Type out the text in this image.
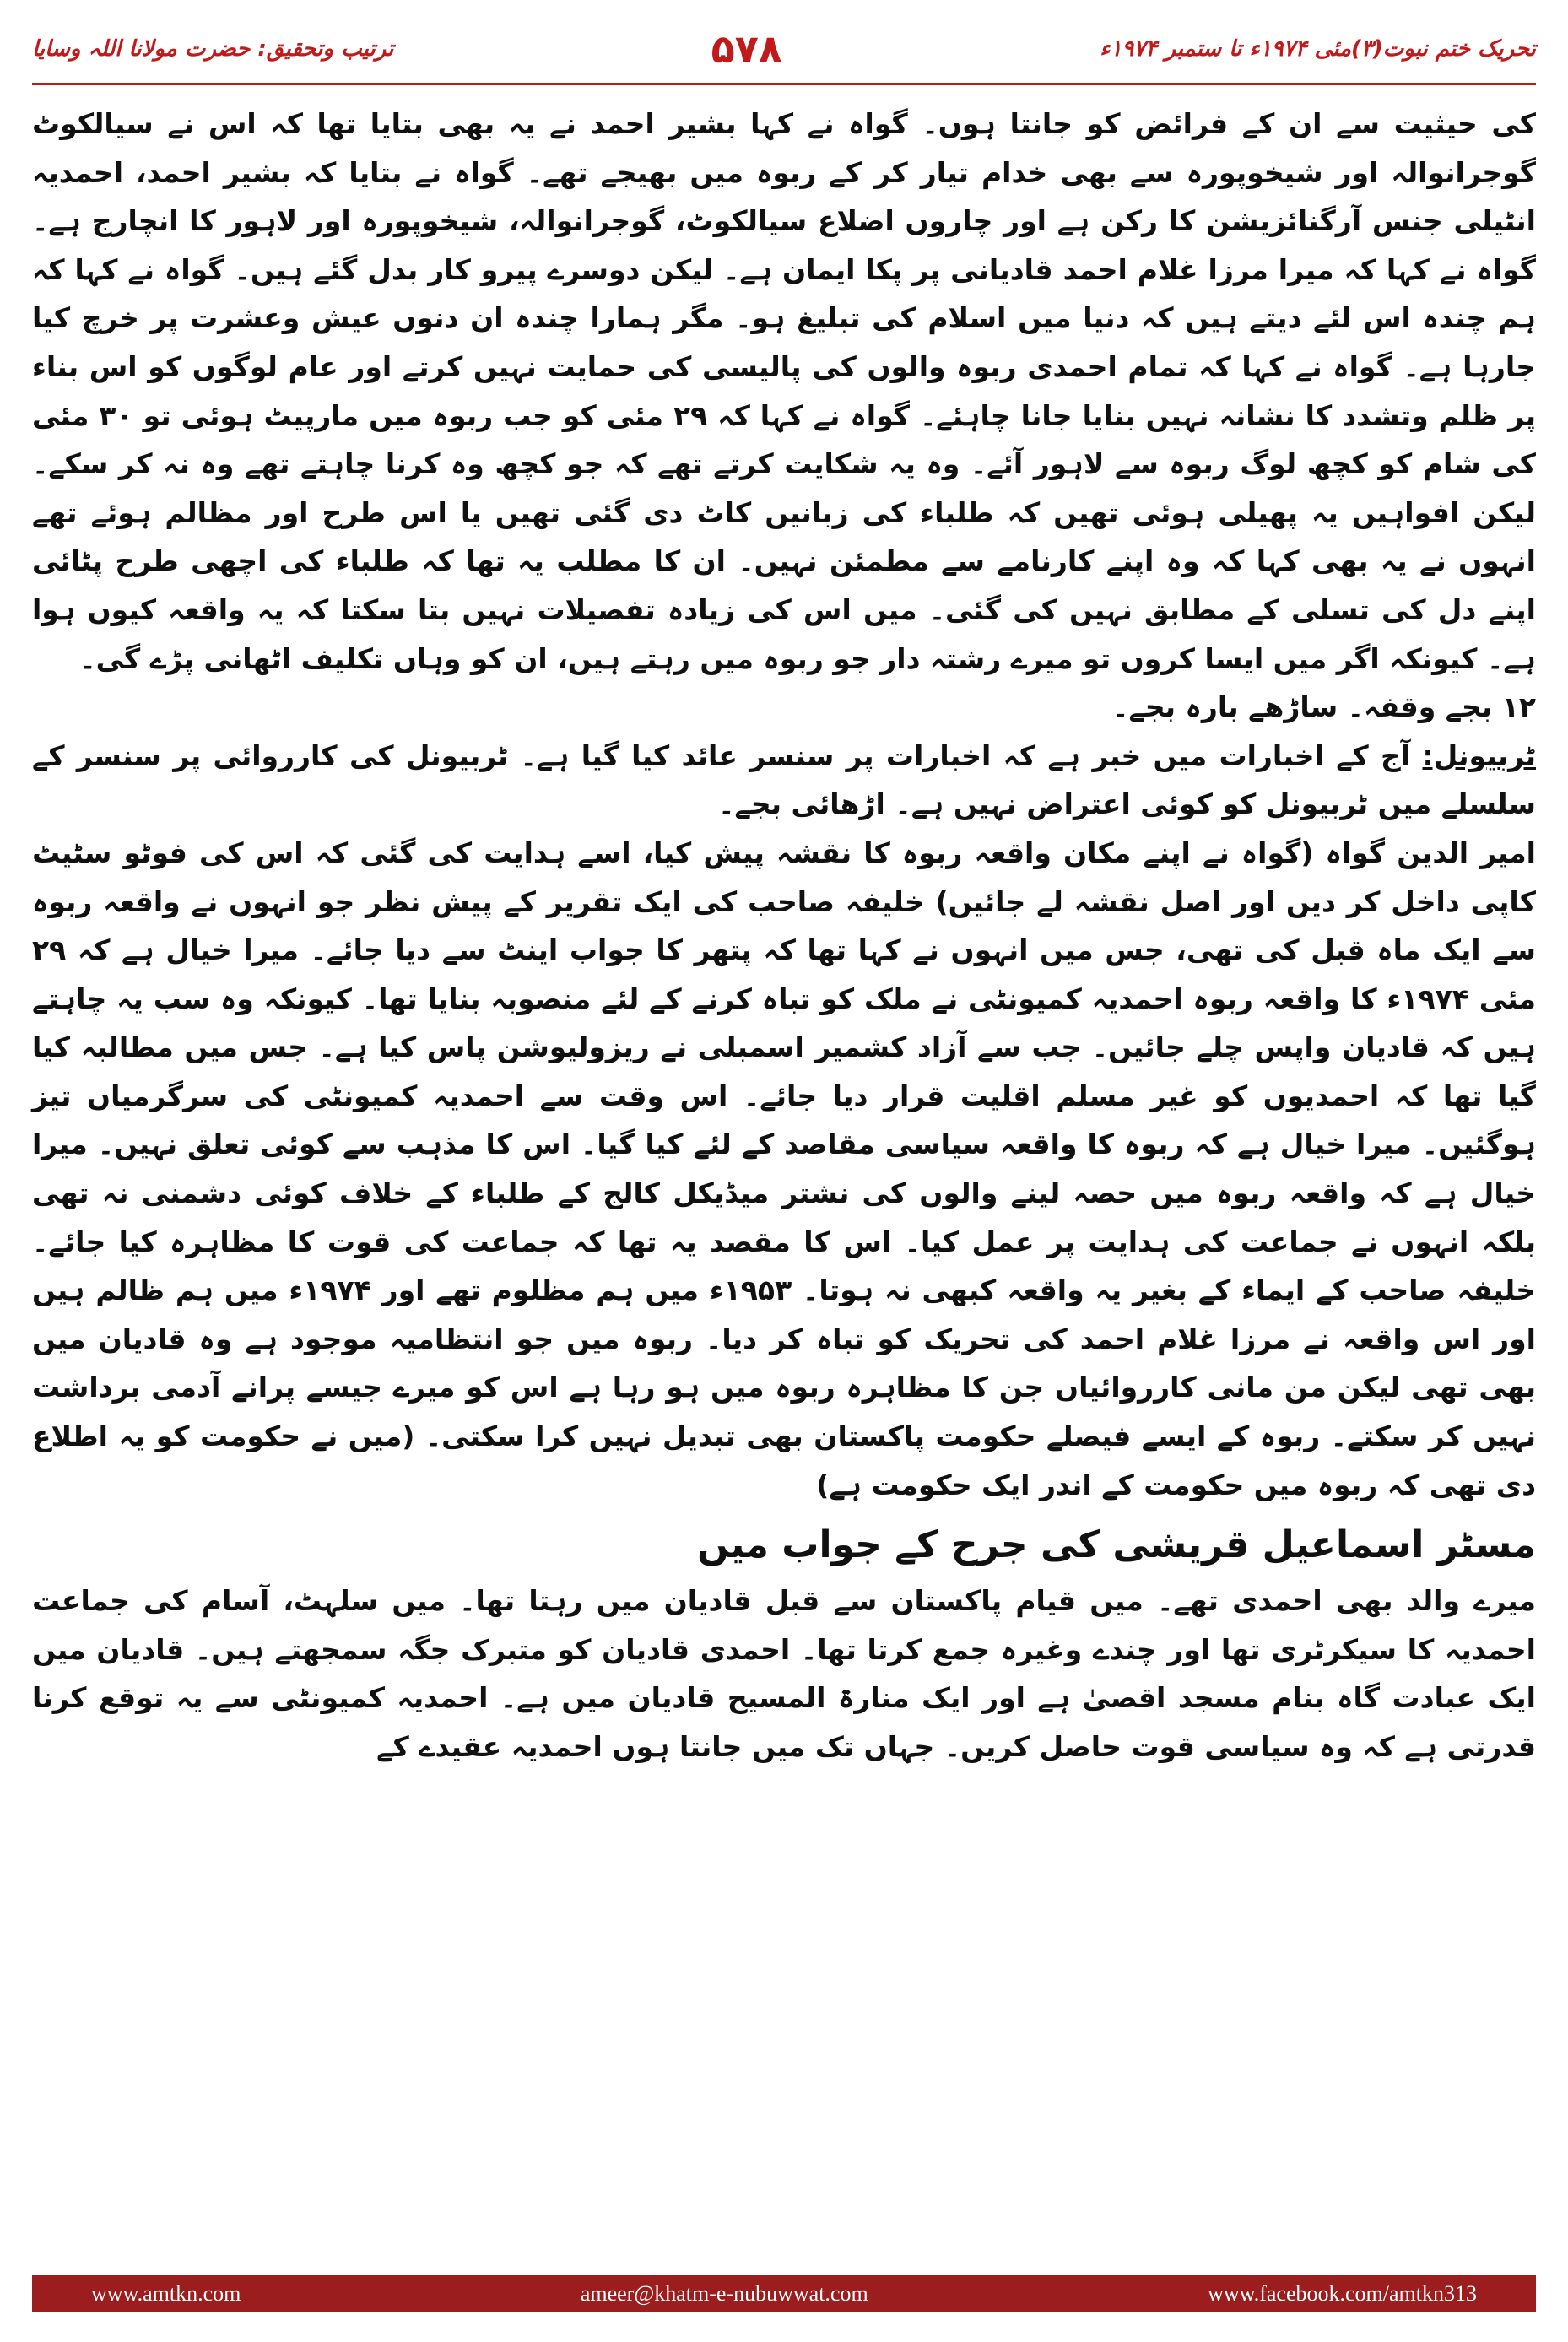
ترتیب وتحقیق: حضرت مولانا اللہ وسایا	۵۷۸	تحریک ختم نبوت(۳)مئی ۱۹۷۴ء تا ستمبر ۱۹۷۴ء

کی حیثیت سے ان کے فرائض کو جانتا ہوں۔ گواہ نے کہا بشیر احمد نے یہ بھی بتایا تھا کہ اس نے سیالکوٹ گوجرانوالہ اور شیخوپورہ سے بھی خدام تیار کر کے ربوہ میں بھیجے تھے۔ گواہ نے بتایا کہ بشیر احمد، احمدیہ انٹیلی جنس آرگنائزیشن کا رکن ہے اور چاروں اضلاع سیالکوٹ، گوجرانوالہ، شیخوپورہ اور لاہور کا انچارج ہے۔ گواہ نے کہا کہ میرا مرزا غلام احمد قادیانی پر پکا ایمان ہے۔ لیکن دوسرے پیرو کار بدل گئے ہیں۔ گواہ نے کہا کہ ہم چندہ اس لئے دیتے ہیں کہ دنیا میں اسلام کی تبلیغ ہو۔ مگر ہمارا چندہ ان دنوں عیش وعشرت پر خرچ کیا جارہا ہے۔ گواہ نے کہا کہ تمام احمدی ربوہ والوں کی پالیسی کی حمایت نہیں کرتے اور عام لوگوں کو اس بناء پر ظلم وتشدد کا نشانہ نہیں بنایا جانا چاہئے۔ گواہ نے کہا کہ ۲۹ مئی کو جب ربوہ میں مارپیٹ ہوئی تو ۳۰ مئی کی شام کو کچھ لوگ ربوہ سے لاہور آئے۔ وہ یہ شکایت کرتے تھے کہ جو کچھ وہ کرنا چاہتے تھے وہ نہ کر سکے۔ لیکن افواہیں یہ پھیلی ہوئی تھیں کہ طلباء کی زبانیں کاٹ دی گئی تھیں یا اس طرح اور مظالم ہوئے تھے انہوں نے یہ بھی کہا کہ وہ اپنے کارنامے سے مطمئن نہیں۔ ان کا مطلب یہ تھا کہ طلباء کی اچھی طرح پٹائی اپنے دل کی تسلی کے مطابق نہیں کی گئی۔ میں اس کی زیادہ تفصیلات نہیں بتا سکتا کہ یہ واقعہ کیوں ہوا ہے۔ کیونکہ اگر میں ایسا کروں تو میرے رشتہ دار جو ربوہ میں رہتے ہیں، ان کو وہاں تکلیف اٹھانی پڑے گی۔

۱۲ بجے وقفہ۔ ساڑھے بارہ بجے۔

ٹربیونل: آج کے اخبارات میں خبر ہے کہ اخبارات پر سنسر عائد کیا گیا ہے۔ ٹربیونل کی کارروائی پر سنسر کے سلسلے میں ٹربیونل کو کوئی اعتراض نہیں ہے۔ اڑھائی بجے۔

امیر الدین گواہ (گواہ نے اپنے مکان واقعہ ربوہ کا نقشہ پیش کیا، اسے ہدایت کی گئی کہ اس کی فوٹو سٹیٹ کاپی داخل کر دیں اور اصل نقشہ لے جائیں) خلیفہ صاحب کی ایک تقریر کے پیش نظر جو انہوں نے واقعہ ربوہ سے ایک ماہ قبل کی تھی، جس میں انہوں نے کہا تھا کہ پتھر کا جواب اینٹ سے دیا جائے۔ میرا خیال ہے کہ ۲۹ مئی ۱۹۷۴ء کا واقعہ ربوہ احمدیہ کمیونٹی نے ملک کو تباہ کرنے کے لئے منصوبہ بنایا تھا۔ کیونکہ وہ سب یہ چاہتے ہیں کہ قادیان واپس چلے جائیں۔ جب سے آزاد کشمیر اسمبلی نے ریزولیوشن پاس کیا ہے۔ جس میں مطالبہ کیا گیا تھا کہ احمدیوں کو غیر مسلم اقلیت قرار دیا جائے۔ اس وقت سے احمدیہ کمیونٹی کی سرگرمیاں تیز ہوگئیں۔ میرا خیال ہے کہ ربوہ کا واقعہ سیاسی مقاصد کے لئے کیا گیا۔ اس کا مذہب سے کوئی تعلق نہیں۔ میرا خیال ہے کہ واقعہ ربوہ میں حصہ لینے والوں کی نشتر میڈیکل کالج کے طلباء کے خلاف کوئی دشمنی نہ تھی بلکہ انہوں نے جماعت کی ہدایت پر عمل کیا۔ اس کا مقصد یہ تھا کہ جماعت کی قوت کا مظاہرہ کیا جائے۔ خلیفہ صاحب کے ایماء کے بغیر یہ واقعہ کبھی نہ ہوتا۔ ۱۹۵۳ء میں ہم مظلوم تھے اور ۱۹۷۴ء میں ہم ظالم ہیں اور اس واقعہ نے مرزا غلام احمد کی تحریک کو تباہ کر دیا۔ ربوہ میں جو انتظامیہ موجود ہے وہ قادیان میں بھی تھی لیکن من مانی کارروائیاں جن کا مظاہرہ ربوہ میں ہو رہا ہے اس کو میرے جیسے پرانے آدمی برداشت نہیں کر سکتے۔ ربوہ کے ایسے فیصلے حکومت پاکستان بھی تبدیل نہیں کرا سکتی۔ (میں نے حکومت کو یہ اطلاع دی تھی کہ ربوہ میں حکومت کے اندر ایک حکومت ہے)

مسٹر اسماعیل قریشی کی جرح کے جواب میں

میرے والد بھی احمدی تھے۔ میں قیام پاکستان سے قبل قادیان میں رہتا تھا۔ میں سلہٹ، آسام کی جماعت احمدیہ کا سیکرٹری تھا اور چندے وغیرہ جمع کرتا تھا۔ احمدی قادیان کو متبرک جگہ سمجھتے ہیں۔ قادیان میں ایک عبادت گاہ بنام مسجد اقصیٰ ہے اور ایک منارۃ المسیح قادیان میں ہے۔ احمدیہ کمیونٹی سے یہ توقع کرنا قدرتی ہے کہ وہ سیاسی قوت حاصل کریں۔ جہاں تک میں جانتا ہوں احمدیہ عقیدے کے

www.amtkn.com	ameer@khatm-e-nubuwwat.com	www.facebook.com/amtkn313
